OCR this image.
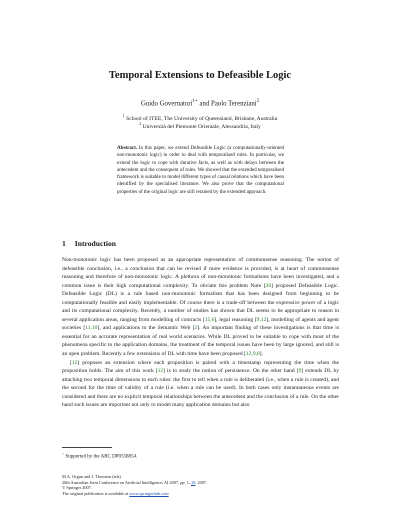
Temporal Extensions to Defeasible Logic
Guido Governatori$^{1⋆}$ and Paolo Terenziani$^2$
$^1$ School of ITEE, The University of Queensland, Brisbane, Australia
$^2$ Università del Piemonte Orientale, Alessandria, Italy
Abstract. In this paper, we extend Defeasible Logic (a computationally-oriented non-monotonic logic) in order to deal with temporalised rules. In particular, we extend the logic to cope with durative facts, as well as with delays between the antecedent and the consequent of rules. We showed that the extended temporalised framework is suitable to model different types of causal relations which have been identified by the specialised literature. We also prove that the computational properties of the original logic are still retained by the extended approach.
1 Introduction

Non-monotonic logic has been proposed as an appropriate representation of commonsense reasoning. The notion of defeasible conclusion, i.e., a conclusion that can be revised if more evidence is provided, is at heart of commonsense reasoning and therefore of non-monotonic logic. A plethora of non-monotonic formalisms have been investigated, and a common issue is their high computational complexity. To obviate this problem Nute [ 20 ] proposed Defeasible Logic. Defeasible Logic (DL) is a rule based non-monotonic formalism that has been designed from beginning to be computationally feasible and easily implementable. Of course there is a trade-off between the expressive power of a logic and its computational complexity. Recently, a number of studies has shown that DL seems to be appropriate to reason in several application areas, ranging from modelling of contracts [ 15,6 ] , legal reasoning [ 9,12 ] , modelling of agents and agent societies [ 11,10 ] , and applications to the Semantic Web [ 2 ] . An important finding of these investigations is that time is essential for an accurate representation of real world scenarios. While DL proved to be suitable to cope with most of the phenomena specific to the application domains, the treatment of the temporal issues have been by large ignored, and still is an open problem. Recently a few extensions of DL with time have been proposed [ 12,9,8 ] .

[ 12 ] proposes an extension where each proposition is paired with a timestamp representing the time when the proposition holds. The aim of this work [ 12 ] is to study the notion of persistence. On the other hand [ 9 ] extends DL by attaching two temporal dimensions to each rules: the first to tell when a rule is deliberated (i.e., when a rule is created), and the second for the time of validity of a rule (i.e. when a rule can be used). In both cases only instantaneous events are considered and there are no explicit temporal relationships between the antecedent and the conclusion of a rule. On the other hand such issues are important not only to model many application domains but also

⋆ Supported by the ARC DP0558854.
M.A. Orgun and J. Thornton (eds)
20th Australian Joint Conference on Artificial Intelligence, AI 2007, pp. 1–10, 2007.
© Springer 2007.
The original publication is available at www.springerlink.com
